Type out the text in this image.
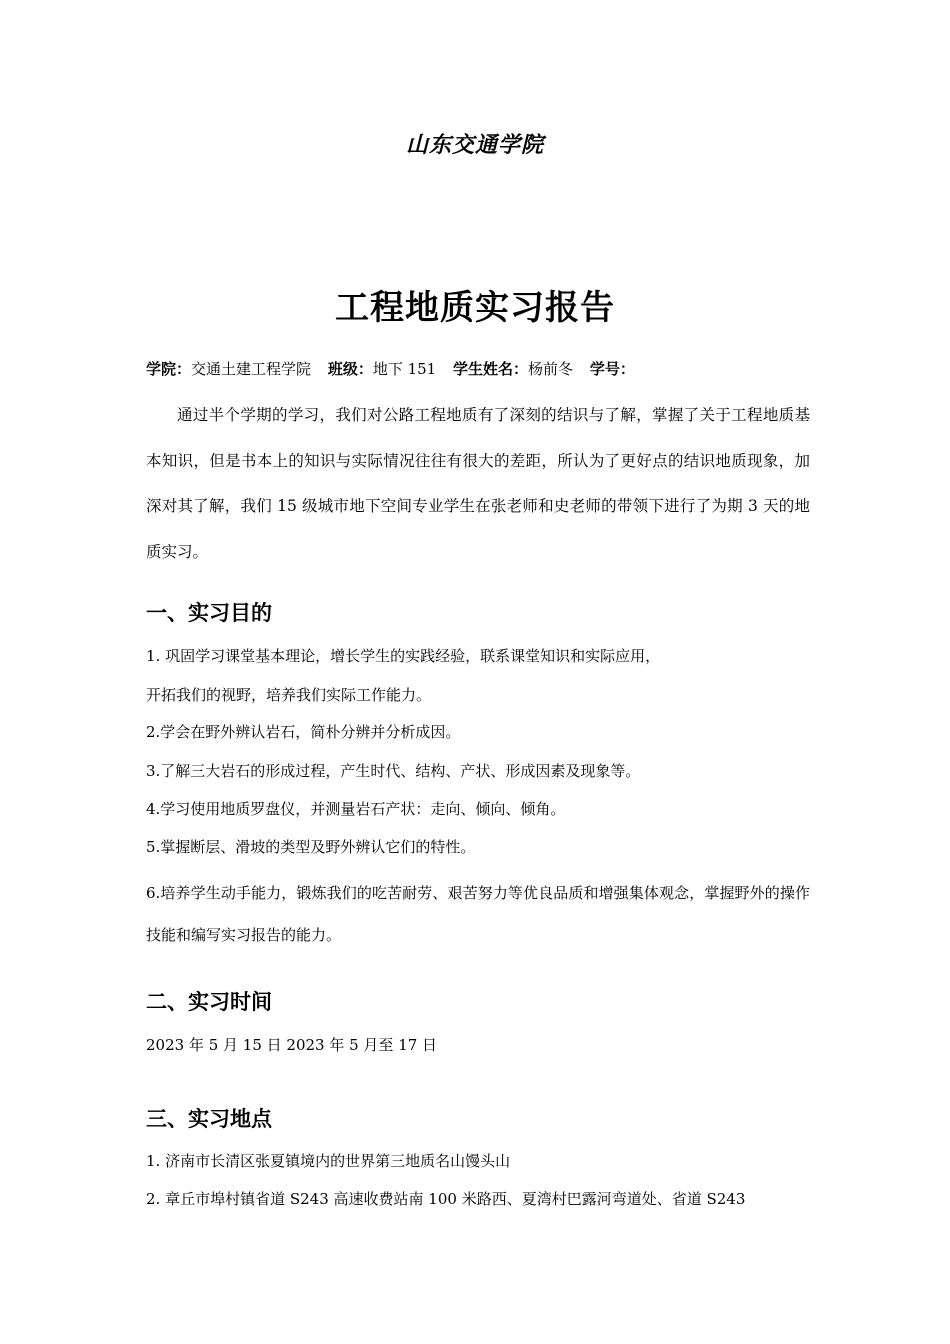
山东交通学院
工程地质实习报告
学院：交通土建工程学院 班级：地下 151 学生姓名：杨前冬 学号：
通过半个学期的学习，我们对公路工程地质有了深刻的结识与了解，掌握了关于工程地质基本知识，但是书本上的知识与实际情况往往有很大的差距，所认为了更好点的结识地质现象，加深对其了解，我们 15 级城市地下空间专业学生在张老师和史老师的带领下进行了为期 3 天的地质实习。
一、实习目的
1. 巩固学习课堂基本理论，增长学生的实践经验，联系课堂知识和实际应用，
开拓我们的视野，培养我们实际工作能力。
2.学会在野外辨认岩石，简朴分辨并分析成因。
3.了解三大岩石的形成过程，产生时代、结构、产状、形成因素及现象等。
4.学习使用地质罗盘仪，并测量岩石产状：走向、倾向、倾角。
5.掌握断层、滑坡的类型及野外辨认它们的特性。
6.培养学生动手能力，锻炼我们的吃苦耐劳、艰苦努力等优良品质和增强集体观念，掌握野外的操作技能和编写实习报告的能力。
二、实习时间
2023 年 5 月 15 日 2023 年 5 月至 17 日
三、实习地点
1. 济南市长清区张夏镇境内的世界第三地质名山馒头山
2. 章丘市埠村镇省道 S243 高速收费站南 100 米路西、夏湾村巴露河弯道处、省道 S243
